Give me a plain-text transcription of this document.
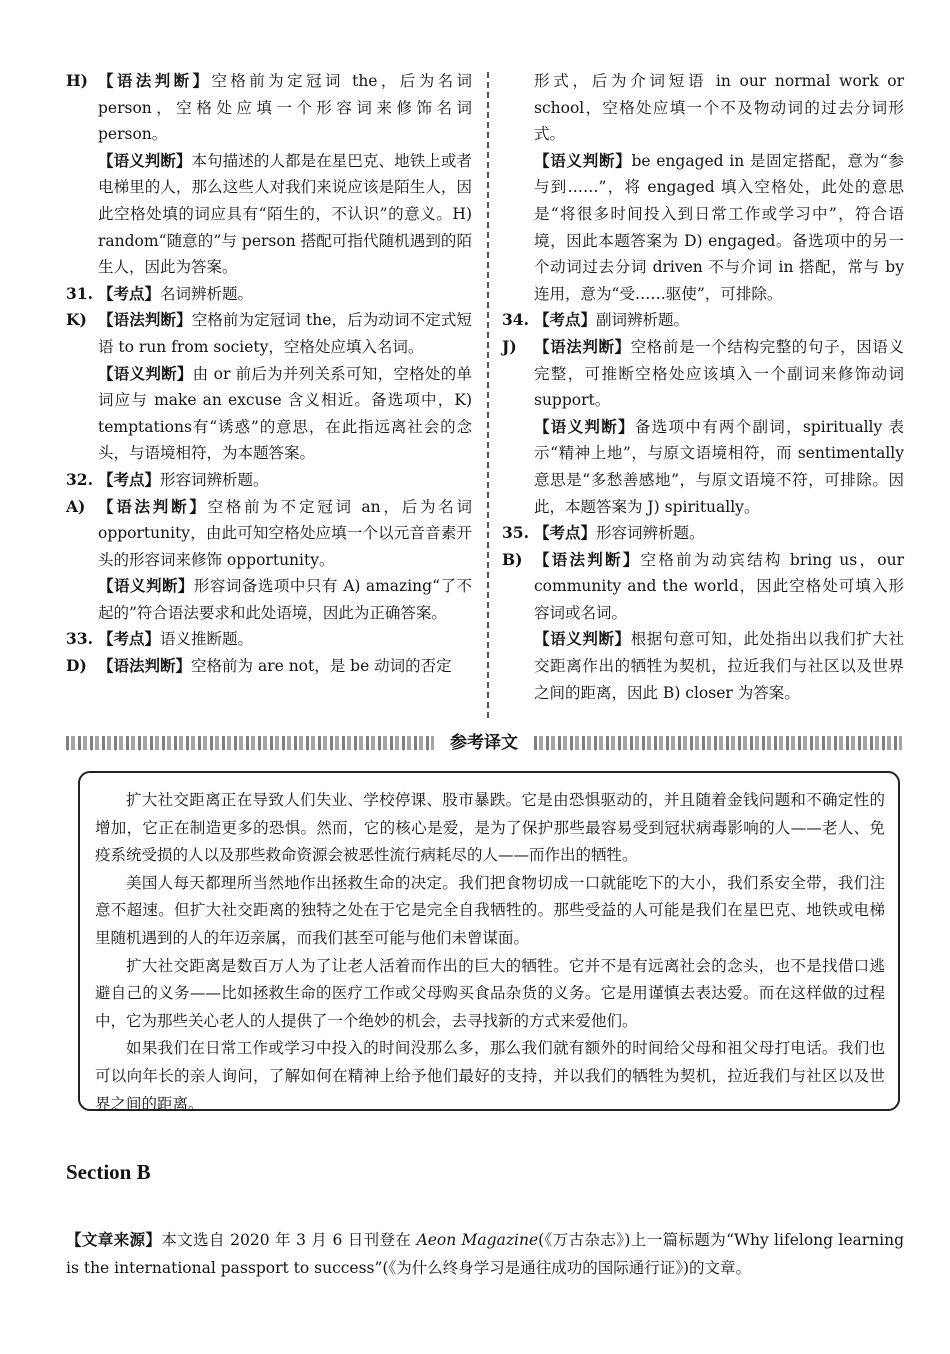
H) 【语法判断】空格前为定冠词 the，后为名词 person，空格处应填一个形容词来修饰名词 person。
【语义判断】本句描述的人都是在星巴克、地铁上或者电梯里的人，那么这些人对我们来说应该是陌生人，因此空格处填的词应具有“陌生的，不认识”的意义。H) random“随意的”与 person 搭配可指代随机遇到的陌生人，因此为答案。
31. 【考点】名词辨析题。
K) 【语法判断】空格前为定冠词 the，后为动词不定式短语 to run from society，空格处应填入名词。
【语义判断】由 or 前后为并列关系可知，空格处的单词应与 make an excuse 含义相近。备选项中，K) temptations有“诱惑”的意思，在此指远离社会的念头，与语境相符，为本题答案。
32. 【考点】形容词辨析题。
A) 【语法判断】空格前为不定冠词 an，后为名词 opportunity，由此可知空格处应填一个以元音音素开头的形容词来修饰 opportunity。
【语义判断】形容词备选项中只有 A) amazing“了不起的”符合语法要求和此处语境，因此为正确答案。
33. 【考点】语义推断题。
D) 【语法判断】空格前为 are not，是 be 动词的否定
形式，后为介词短语 in our normal work or school，空格处应填一个不及物动词的过去分词形式。
【语义判断】be engaged in 是固定搭配，意为“参与到……”，将 engaged 填入空格处，此处的意思是“将很多时间投入到日常工作或学习中”，符合语境，因此本题答案为 D) engaged。备选项中的另一个动词过去分词 driven 不与介词 in 搭配，常与 by 连用，意为“受……驱使”，可排除。
34. 【考点】副词辨析题。
J)	【语法判断】空格前是一个结构完整的句子，因语义完整，可推断空格处应该填入一个副词来修饰动词 support。
【语义判断】备选项中有两个副词，spiritually 表示“精神上地”，与原文语境相符，而 sentimentally 意思是“多愁善感地”，与原文语境不符，可排除。因此，本题答案为 J) spiritually。
35. 【考点】形容词辨析题。
B) 【语法判断】空格前为动宾结构 bring us，our community and the world，因此空格处可填入形容词或名词。
【语义判断】根据句意可知，此处指出以我们扩大社交距离作出的牺牲为契机，拉近我们与社区以及世界之间的距离，因此 B) closer 为答案。
参考译文

扩大社交距离正在导致人们失业、学校停课、股市暴跌。它是由恐惧驱动的，并且随着金钱问题和不确定性的增加，它正在制造更多的恐惧。然而，它的核心是爱，是为了保护那些最容易受到冠状病毒影响的人——老人、免疫系统受损的人以及那些救命资源会被恶性流行病耗尽的人——而作出的牺牲。

美国人每天都理所当然地作出拯救生命的决定。我们把食物切成一口就能吃下的大小，我们系安全带，我们注意不超速。但扩大社交距离的独特之处在于它是完全自我牺牲的。那些受益的人可能是我们在星巴克、地铁或电梯里随机遇到的人的年迈亲属，而我们甚至可能与他们未曾谋面。

扩大社交距离是数百万人为了让老人活着而作出的巨大的牺牲。它并不是有远离社会的念头，也不是找借口逃避自己的义务——比如拯救生命的医疗工作或父母购买食品杂货的义务。它是用谨慎去表达爱。而在这样做的过程中，它为那些关心老人的人提供了一个绝妙的机会，去寻找新的方式来爱他们。

如果我们在日常工作或学习中投入的时间没那么多，那么我们就有额外的时间给父母和祖父母打电话。我们也可以向年长的亲人询问，了解如何在精神上给予他们最好的支持，并以我们的牺牲为契机，拉近我们与社区以及世界之间的距离。

Section B
【文章来源】本文选自 2020 年 3 月 6 日刊登在 Aeon Magazine(《万古杂志》)上一篇标题为“Why lifelong learning is the international passport to success”(《为什么终身学习是通往成功的国际通行证》)的文章。
